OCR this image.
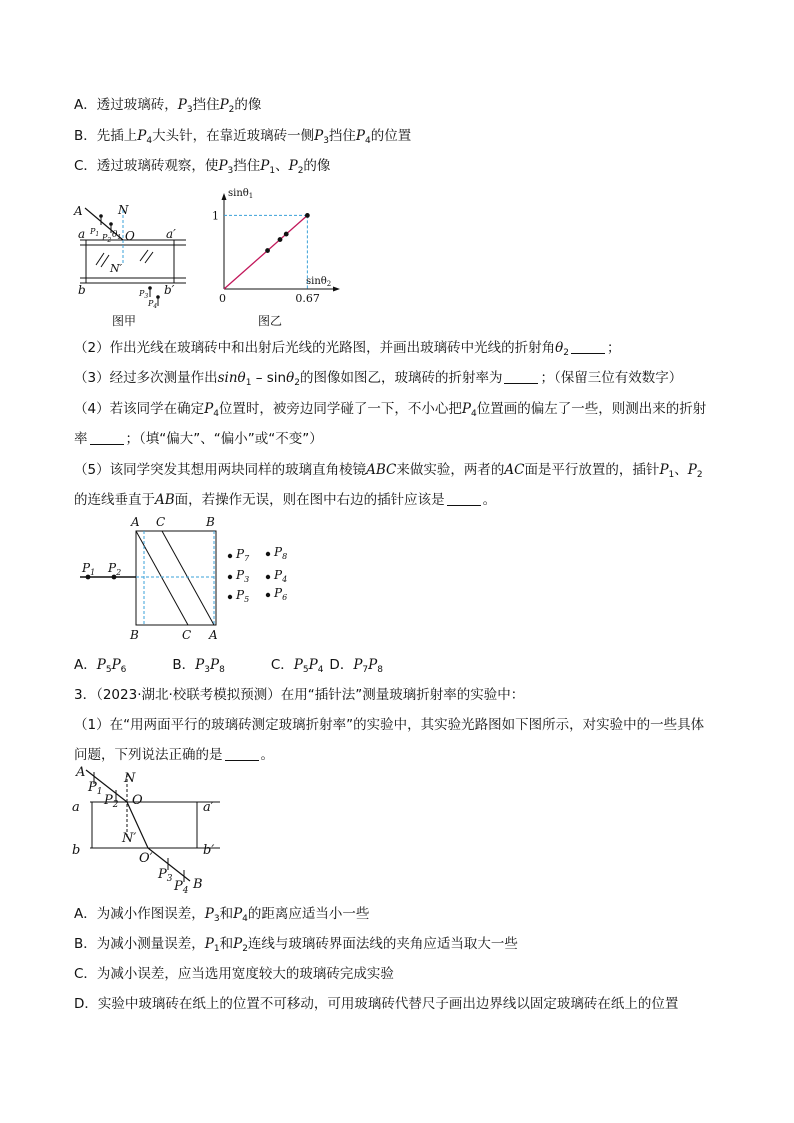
A．透过玻璃砖，$P_3$挡住$P_2$的像
B．先插上$P_4$大头针，在靠近玻璃砖一侧$P_3$挡住$P_4$的位置
C．透过玻璃砖观察，使$P_3$挡住$P_1$、$P_2$的像
A	N
a	O	a′
b	b′
N′
$\theta_1$
$P_1$ $P_2$
$P_3$
$P_4$
图甲
sinθ$_1$
sinθ$_2$
1
0	0.67
图乙
（2）作出光线在玻璃砖中和出射后光线的光路图，并画出玻璃砖中光线的折射角$\theta_2$	；
（3）经过多次测量作出sinθ$_1$ – sinθ$_2$的图像如图乙，玻璃砖的折射率为	；（保留三位有效数字）
（4）若该同学在确定$P_4$位置时，被旁边同学碰了一下，不小心把$P_4$位置画的偏左了一些，则测出来的折射
率	；（填“偏大”、“偏小”或“不变”）
（5）该同学突发其想用两块同样的玻璃直角棱镜ABC来做实验，两者的AC面是平行放置的，插针$P_1$、$P_2$
的连线垂直于AB面，若操作无误，则在图中右边的插针应该是	。
A C	B
B	C A
$P_1$ $P_2$
$P_7$ $P_8$
$P_3$ $P_4$
$P_5$ $P_6$
A．$P_5P_6$	B．$P_3P_8$	C．$P_5P_4$ D．$P_7P_8$
3．（2023·湖北·校联考模拟预测）在用“插针法”测量玻璃折射率的实验中：
（1）在“用两面平行的玻璃砖测定玻璃折射率”的实验中，其实验光路图如下图所示，对实验中的一些具体
问题，下列说法正确的是	。
A	N
$P_1$
$P_2$ O
a	a′
N′
b	b′
O′
$P_3$ $P_4$ B
A．为减小作图误差，$P_3$和$P_4$的距离应适当小一些
B．为减小测量误差，$P_1$和$P_2$连线与玻璃砖界面法线的夹角应适当取大一些
C．为减小误差，应当选用宽度较大的玻璃砖完成实验
D．实验中玻璃砖在纸上的位置不可移动，可用玻璃砖代替尺子画出边界线以固定玻璃砖在纸上的位置
